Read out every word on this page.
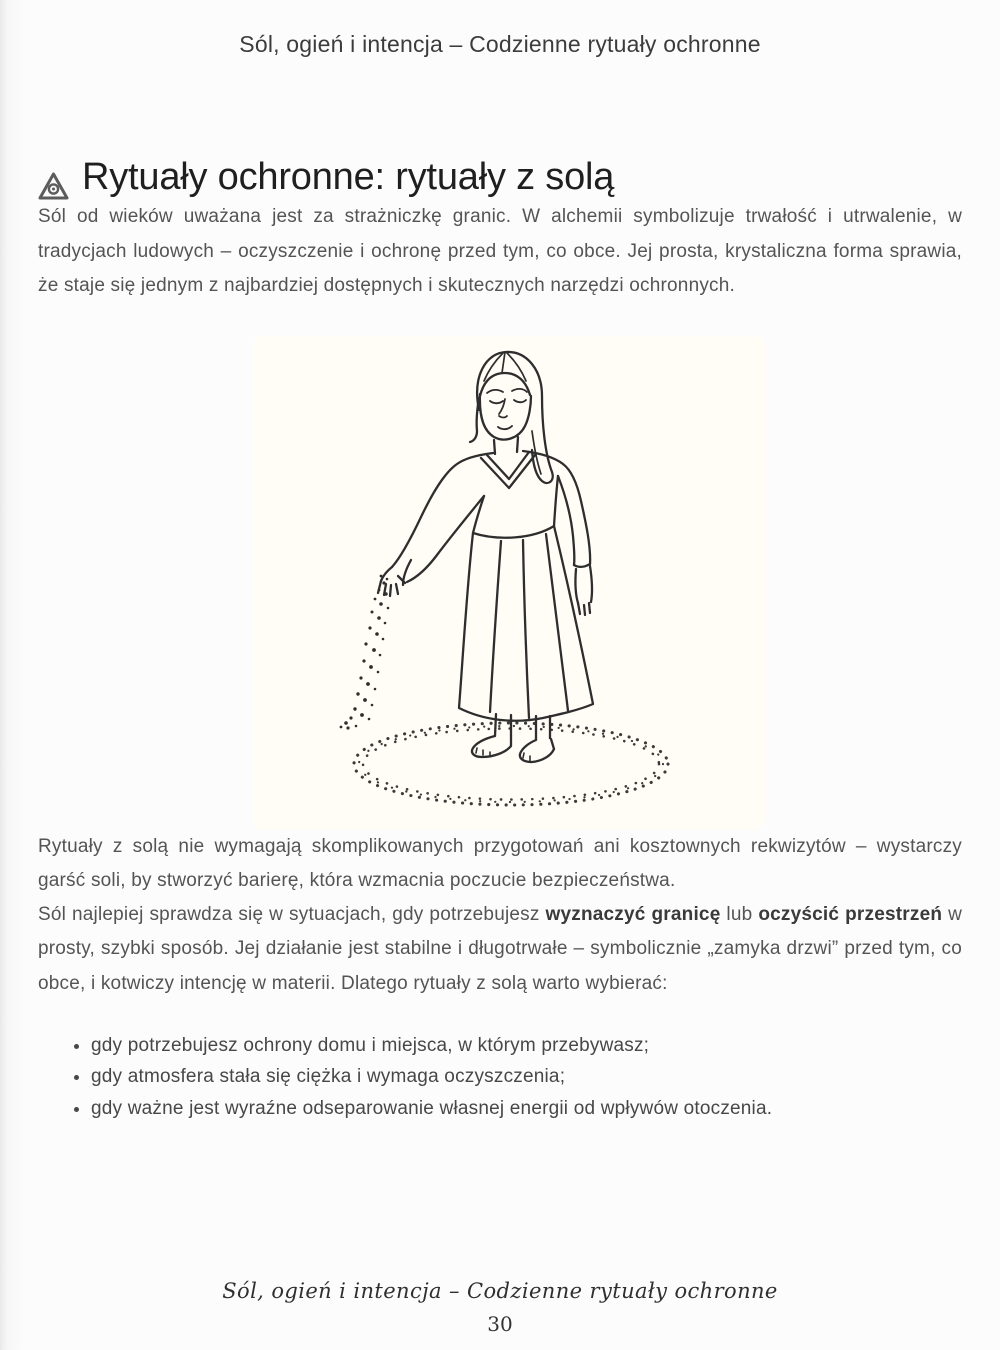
Sól, ogień i intencja – Codzienne rytuały ochronne
Rytuały ochronne: rytuały z solą

Sól od wieków uważana jest za strażniczkę granic. W alchemii symbolizuje trwałość i utrwalenie, w tradycjach ludowych – oczyszczenie i ochronę przed tym, co obce. Jej prosta, krystaliczna forma sprawia, że staje się jednym z najbardziej dostępnych i skutecznych narzędzi ochronnych.

Rytuały z solą nie wymagają skomplikowanych przygotowań ani kosztownych rekwizytów – wystarczy garść soli, by stworzyć barierę, która wzmacnia poczucie bezpieczeństwa.

Sól najlepiej sprawdza się w sytuacjach, gdy potrzebujesz wyznaczyć granicę lub oczyścić przestrzeń w prosty, szybki sposób. Jej działanie jest stabilne i długotrwałe – symbolicznie „zamyka drzwi” przed tym, co obce, i kotwiczy intencję w materii. Dlatego rytuały z solą warto wybierać:

• gdy potrzebujesz ochrony domu i miejsca, w którym przebywasz;
• gdy atmosfera stała się ciężka i wymaga oczyszczenia;
• gdy ważne jest wyraźne odseparowanie własnej energii od wpływów otoczenia.
Sól, ogień i intencja – Codzienne rytuały ochronne
30
